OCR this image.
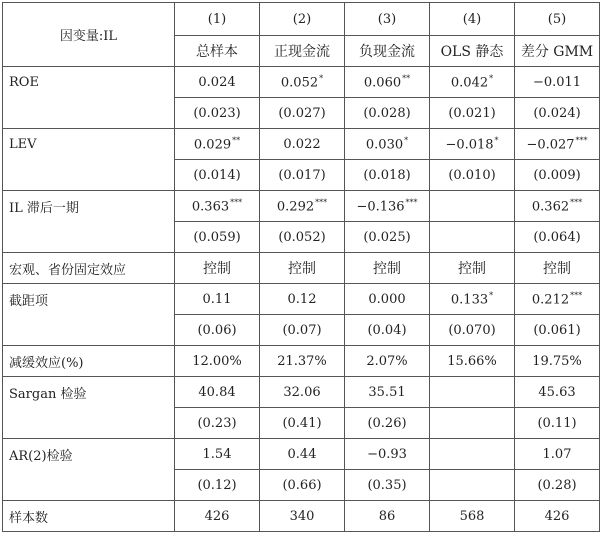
因变量:IL	(1)	(2)	(3)	(4)	(5)
	总样本	正现金流	负现金流	OLS 静态	差分 GMM
ROE	0.024	0.052*	0.060**	0.042*	−0.011
	(0.023)	(0.027)	(0.028)	(0.021)	(0.024)
LEV	0.029**	0.022	0.030*	−0.018*	−0.027***
	(0.014)	(0.017)	(0.018)	(0.010)	(0.009)
IL 滞后一期	0.363***	0.292***	−0.136***		0.362***
	(0.059)	(0.052)	(0.025)		(0.064)
宏观、省份固定效应	控制	控制	控制	控制	控制
截距项	0.11	0.12	0.000	0.133*	0.212***
	(0.06)	(0.07)	(0.04)	(0.070)	(0.061)
减缓效应(%)	12.00%	21.37%	2.07%	15.66%	19.75%
Sargan 检验	40.84	32.06	35.51		45.63
	(0.23)	(0.41)	(0.26)		(0.11)
AR(2)检验	1.54	0.44	−0.93		1.07
	(0.12)	(0.66)	(0.35)		(0.28)
样本数	426	340	86	568	426
